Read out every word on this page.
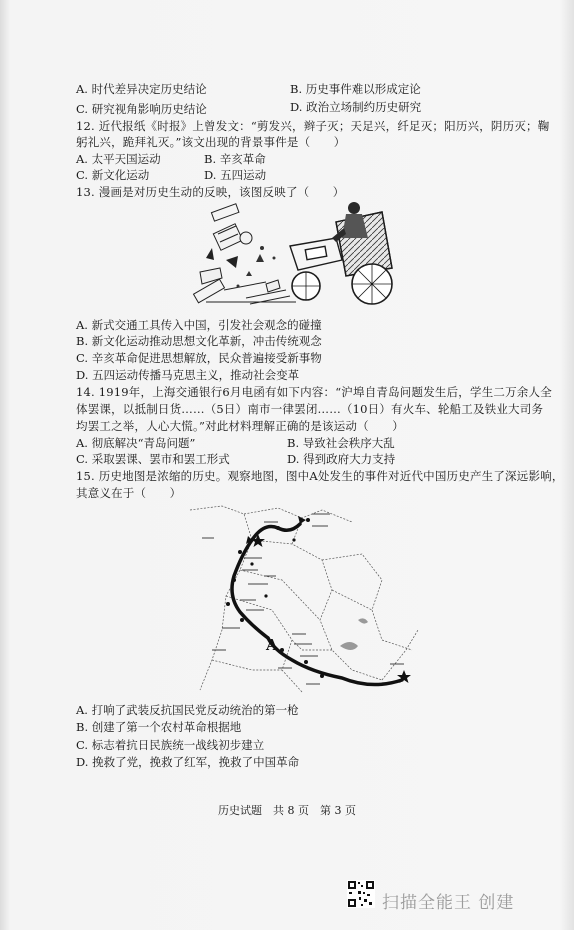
A. 时代差异决定历史结论	B. 历史事件难以形成定论
C. 研究视角影响历史结论	D. 政治立场制约历史研究
12. 近代报纸《时报》上曾发文：“剪发兴，辫子灭；天足兴，纤足灭；阳历兴，阴历灭；鞠
躬礼兴，跪拜礼灭。”该文出现的背景事件是（　　）
A. 太平天国运动	B. 辛亥革命
C. 新文化运动	D. 五四运动
13. 漫画是对历史生动的反映，该图反映了（　　）
A. 新式交通工具传入中国，引发社会观念的碰撞
B. 新文化运动推动思想文化革新，冲击传统观念
C. 辛亥革命促进思想解放，民众普遍接受新事物
D. 五四运动传播马克思主义，推动社会变革
14. 1919年，上海交通银行6月电函有如下内容：“沪埠自青岛问题发生后，学生二万余人全
体罢课，以抵制日货……（5日）南市一律罢闭……（10日）有火车、轮船工及铁业大司务
均罢工之举，人心大慌。”对此材料理解正确的是该运动（　　）
A. 彻底解决“青岛问题”	B. 导致社会秩序大乱
C. 采取罢课、罢市和罢工形式	D. 得到政府大力支持
15. 历史地图是浓缩的历史。观察地图，图中A处发生的事件对近代中国历史产生了深远影响，
其意义在于（　　）
A
A. 打响了武装反抗国民党反动统治的第一枪
B. 创建了第一个农村革命根据地
C. 标志着抗日民族统一战线初步建立
D. 挽救了党，挽救了红军，挽救了中国革命
历史试题　共 8 页　第 3 页
扫描全能王 创建
